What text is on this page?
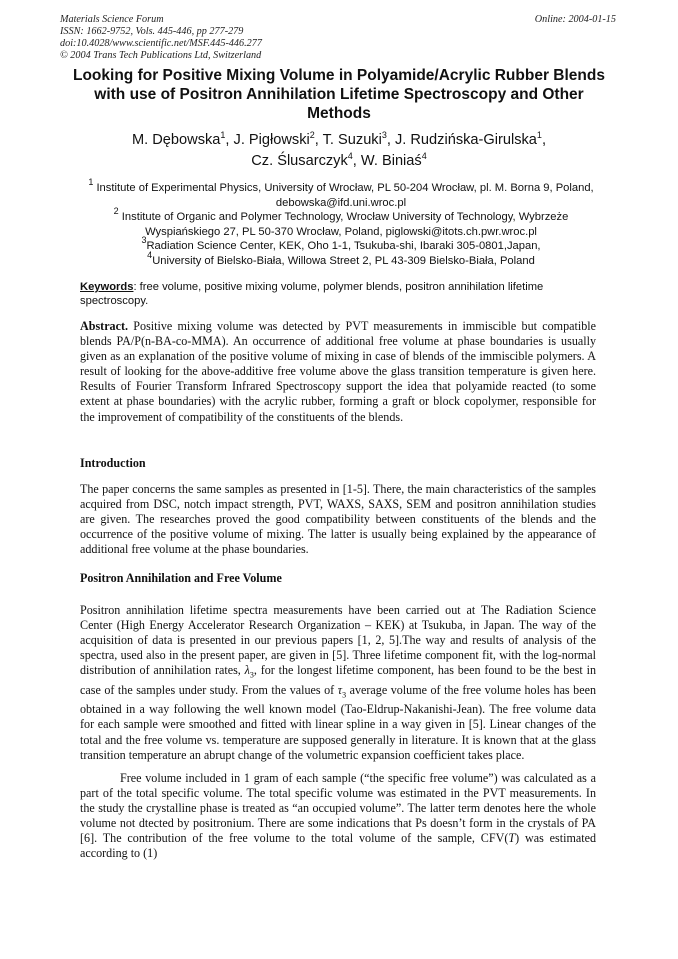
Materials Science Forum
ISSN: 1662-9752, Vols. 445-446, pp 277-279
doi:10.4028/www.scientific.net/MSF.445-446.277
© 2004 Trans Tech Publications Ltd, Switzerland
Online: 2004-01-15
Looking for Positive Mixing Volume in Polyamide/Acrylic Rubber Blends with use of Positron Annihilation Lifetime Spectroscopy and Other Methods
M. Dębowska$^1$, J. Pigłowski$^2$, T. Suzuki$^3$, J. Rudzińska-Girulska$^1$,
Cz. Ślusarczyk$^4$, W. Biniaś$^4$
$^1$ Institute of Experimental Physics, University of Wrocław, PL 50-204 Wrocław, pl. M. Borna 9, Poland, debowska@ifd.uni.wroc.pl
$^2$ Institute of Organic and Polymer Technology, Wrocław University of Technology, Wybrzeże Wyspiańskiego 27, PL 50-370 Wrocław, Poland, piglowski@itots.ch.pwr.wroc.pl
$^3$Radiation Science Center, KEK, Oho 1-1, Tsukuba-shi, Ibaraki 305-0801,Japan,
$^4$University of Bielsko-Biała, Willowa Street 2, PL 43-309 Bielsko-Biała, Poland
Keywords: free volume, positive mixing volume, polymer blends, positron annihilation lifetime spectroscopy.
Abstract. Positive mixing volume was detected by PVT measurements in immiscible but compatible blends PA/P(n-BA-co-MMA). An occurrence of additional free volume at phase boundaries is usually given as an explanation of the positive volume of mixing in case of blends of the immiscible polymers. A result of looking for the above-additive free volume above the glass transition temperature is given here. Results of Fourier Transform Infrared Spectroscopy support the idea that polyamide reacted (to some extent at phase boundaries) with the acrylic rubber, forming a graft or block copolymer, responsible for the improvement of compatibility of the constituents of the blends.
Introduction
The paper concerns the same samples as presented in [1-5]. There, the main characteristics of the samples acquired from DSC, notch impact strength, PVT, WAXS, SAXS, SEM and positron annihilation studies are given. The researches proved the good compatibility between constituents of the blends and the occurrence of the positive volume of mixing. The latter is usually being explained by the appearance of additional free volume at the phase boundaries.
Positron Annihilation and Free Volume
Positron annihilation lifetime spectra measurements have been carried out at The Radiation Science Center (High Energy Accelerator Research Organization – KEK) at Tsukuba, in Japan. The way of the acquisition of data is presented in our previous papers [1, 2, 5].The way and results of analysis of the spectra, used also in the present paper, are given in [5]. Three lifetime component fit, with the log-normal distribution of annihilation rates, $\lambda_3$, for the longest lifetime component, has been found to be the best in case of the samples under study. From the values of $\tau_3$ average volume of the free volume holes has been obtained in a way following the well known model (Tao-Eldrup-Nakanishi-Jean). The free volume data for each sample were smoothed and fitted with linear spline in a way given in [5]. Linear changes of the total and the free volume vs. temperature are supposed generally in literature. It is known that at the glass transition temperature an abrupt change of the volumetric expansion coefficient takes place.
Free volume included in 1 gram of each sample (“the specific free volume”) was calculated as a part of the total specific volume. The total specific volume was estimated in the PVT measurements. In the study the crystalline phase is treated as “an occupied volume”. The latter term denotes here the whole volume not dtected by positronium. There are some indications that Ps doesn’t form in the crystals of PA [6]. The contribution of the free volume to the total volume of the sample, CFV(T) was estimated according to (1)
